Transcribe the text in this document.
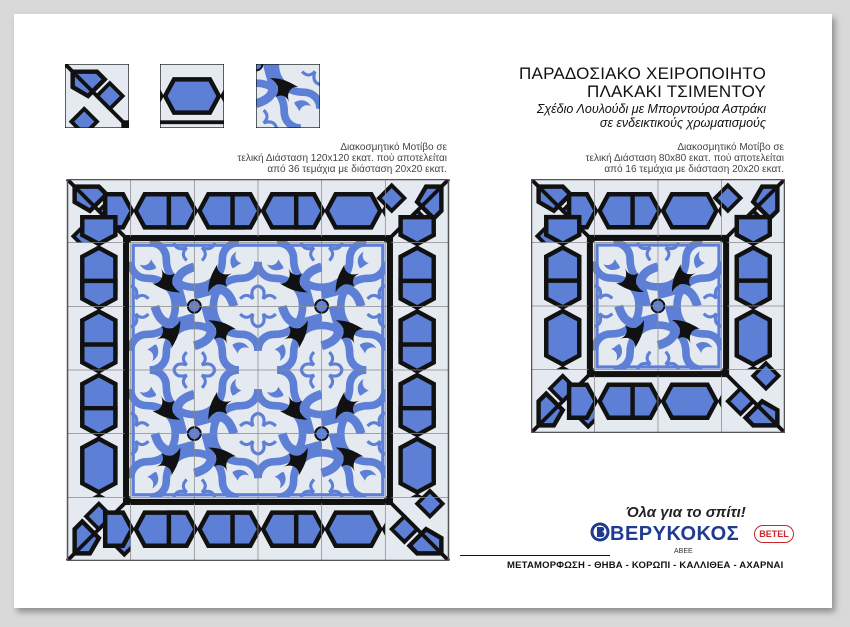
ΠΑΡΑΔΟΣΙΑΚΟ ΧΕΙΡΟΠΟΙΗΤΟ
ΠΛΑΚΑΚΙ ΤΣΙΜΕΝΤΟΥ
Σχέδιο Λουλούδι με Μπορντούρα Αστράκι
σε ενδεικτικούς χρωματισμούς
Διακοσμητικό Μοτίβο σε
τελική Διάσταση 120x120 εκατ. πού αποτελείται
από 36 τεμάχια με διάσταση 20x20 εκατ.
Διακοσμητικό Μοτίβο σε
τελική Διάσταση 80x80 εκατ. πού αποτελείται
από 16 τεμάχια με διάσταση 20x20 εκατ.
Όλα για το σπίτι!
ΒΕΡΥΚΟΚΟΣ
ΑΒΕΕ
BETEL
ΜΕΤΑΜΟΡΦΩΣΗ - ΘΗΒΑ - ΚΟΡΩΠΙ - ΚΑΛΛΙΘΕΑ - ΑΧΑΡΝΑΙ
